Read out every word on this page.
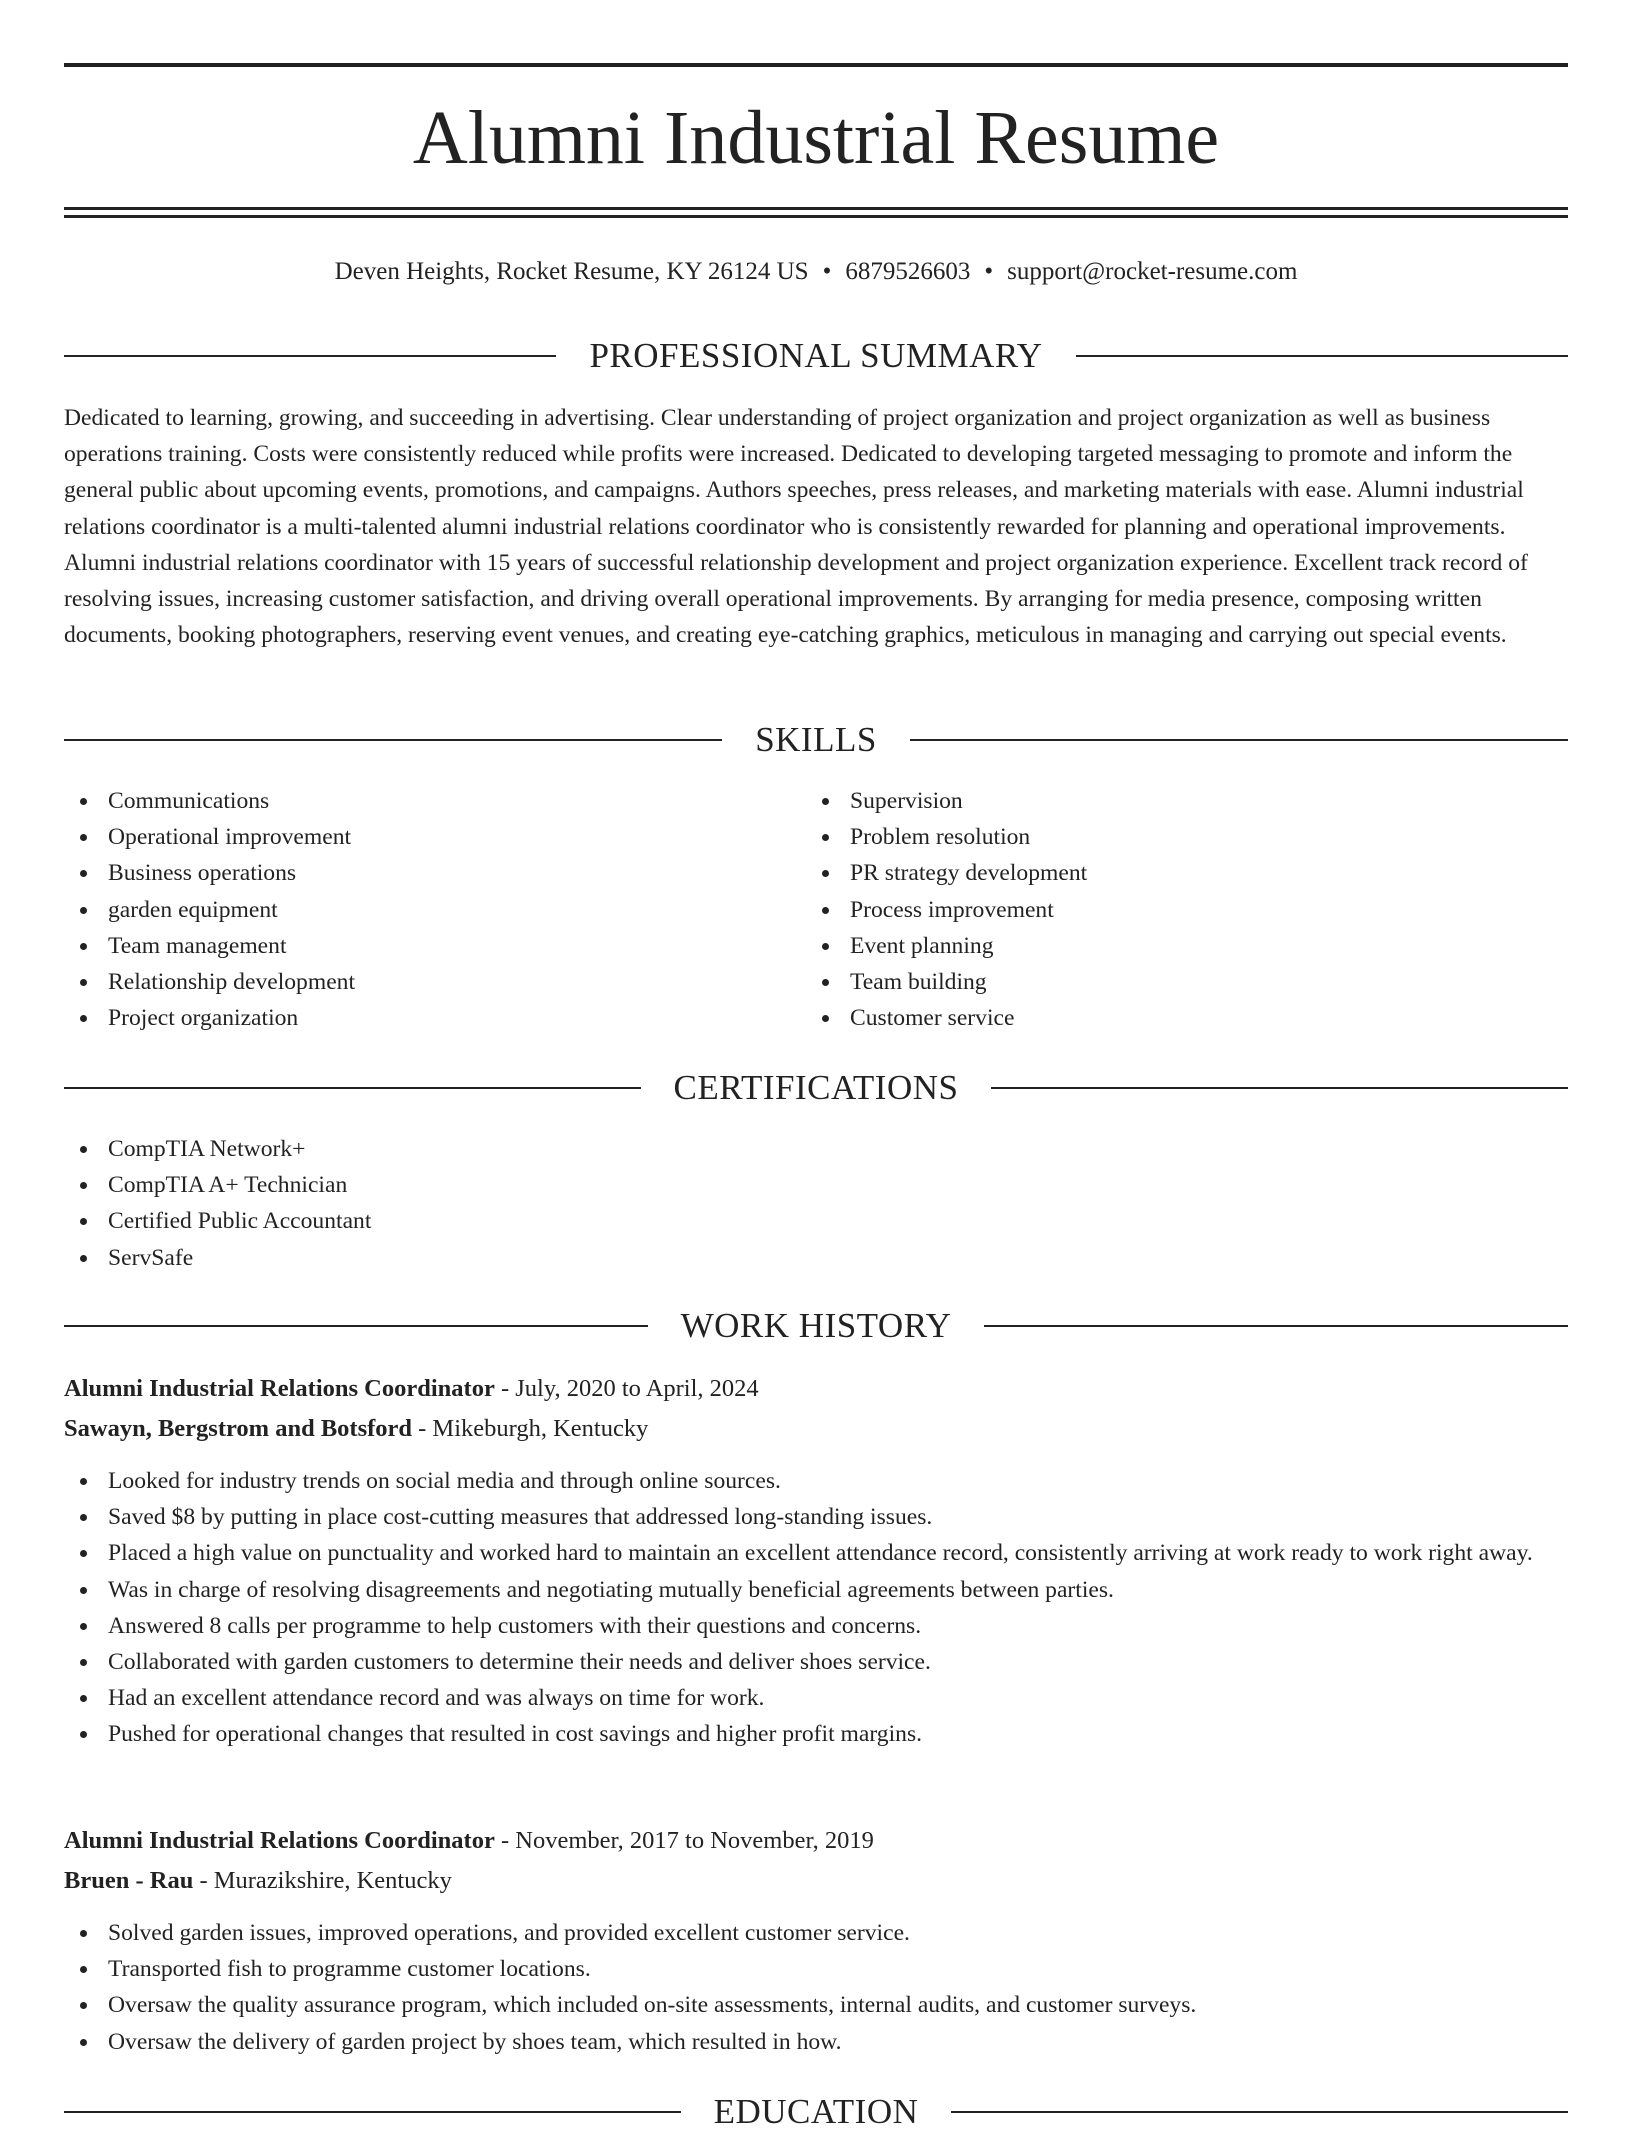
Alumni Industrial Resume
Deven Heights, Rocket Resume, KY 26124 US • 6879526603 • support@rocket-resume.com
PROFESSIONAL SUMMARY

Dedicated to learning, growing, and succeeding in advertising. Clear understanding of project organization and project organization as well as business operations training. Costs were consistently reduced while profits were increased. Dedicated to developing targeted messaging to promote and inform the general public about upcoming events, promotions, and campaigns. Authors speeches, press releases, and marketing materials with ease. Alumni industrial relations coordinator is a multi-talented alumni industrial relations coordinator who is consistently rewarded for planning and operational improvements. Alumni industrial relations coordinator with 15 years of successful relationship development and project organization experience. Excellent track record of resolving issues, increasing customer satisfaction, and driving overall operational improvements. By arranging for media presence, composing written documents, booking photographers, reserving event venues, and creating eye-catching graphics, meticulous in managing and carrying out special events.

SKILLS
Communications
Operational improvement
Business operations
garden equipment
Team management
Relationship development
Project organization
Supervision
Problem resolution
PR strategy development
Process improvement
Event planning
Team building
Customer service
CERTIFICATIONS
CompTIA Network+
CompTIA A+ Technician
Certified Public Accountant
ServSafe
WORK HISTORY
Alumni Industrial Relations Coordinator - July, 2020 to April, 2024
Sawayn, Bergstrom and Botsford - Mikeburgh, Kentucky
Looked for industry trends on social media and through online sources.
Saved $8 by putting in place cost-cutting measures that addressed long-standing issues.
Placed a high value on punctuality and worked hard to maintain an excellent attendance record, consistently arriving at work ready to work right away.
Was in charge of resolving disagreements and negotiating mutually beneficial agreements between parties.
Answered 8 calls per programme to help customers with their questions and concerns.
Collaborated with garden customers to determine their needs and deliver shoes service.
Had an excellent attendance record and was always on time for work.
Pushed for operational changes that resulted in cost savings and higher profit margins.
Alumni Industrial Relations Coordinator - November, 2017 to November, 2019
Bruen - Rau - Murazikshire, Kentucky
Solved garden issues, improved operations, and provided excellent customer service.
Transported fish to programme customer locations.
Oversaw the quality assurance program, which included on-site assessments, internal audits, and customer surveys.
Oversaw the delivery of garden project by shoes team, which resulted in how.
EDUCATION
